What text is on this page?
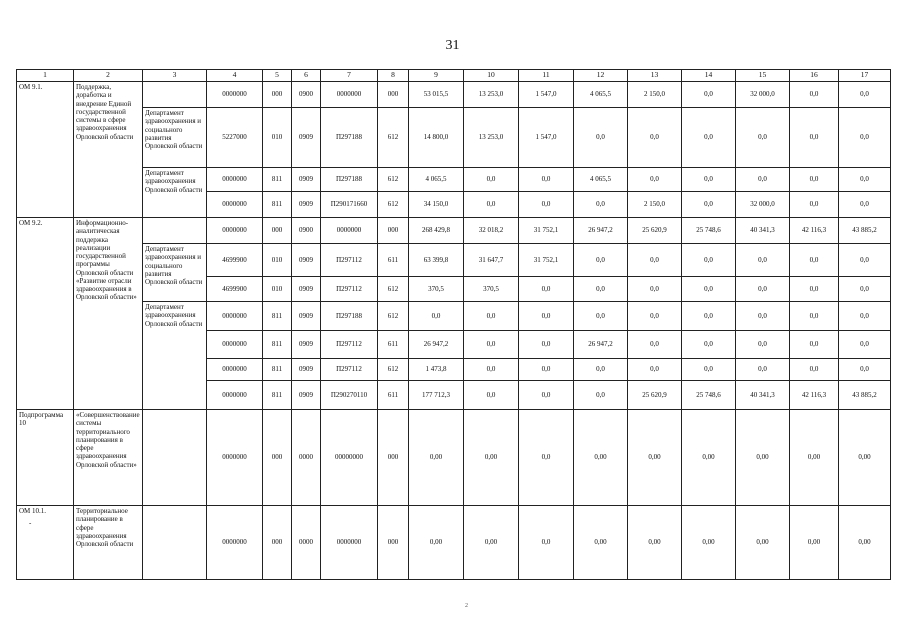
31
1	2	3	4	5	6	7	8	9	10	11	12	13	14	15	16	17

ОМ 9.1.	Поддержка, доработка и внедрение Единой государственной системы в сфере здравоохранения Орловской области		0000000	000	0900	0000000	000	53 015,5	13 253,0	1 547,0	4 065,5	2 150,0	0,0	32 000,0	0,0	0,0
		Департамент здравоохранения и социального развития Орловской области	5227000	010	0909	П297188	612	14 800,0	13 253,0	1 547,0	0,0	0,0	0,0	0,0	0,0	0,0
		Департамент здравоохранения Орловской области	0000000	811	0909	П297188	612	4 065,5	0,0	0,0	4 065,5	0,0	0,0	0,0	0,0	0,0
			0000000	811	0909	П290171660	612	34 150,0	0,0	0,0	0,0	2 150,0	0,0	32 000,0	0,0	0,0

ОМ 9.2.	Информационно-аналитическая поддержка реализации государственной программы Орловской области «Развитие отрасли здравоохранения в Орловской области»		0000000	000	0900	0000000	000	268 429,8	32 018,2	31 752,1	26 947,2	25 620,9	25 748,6	40 341,3	42 116,3	43 885,2
		Департамент здравоохранения и социального развития Орловской области	4699900	010	0909	П297112	611	63 399,8	31 647,7	31 752,1	0,0	0,0	0,0	0,0	0,0	0,0
			4699900	010	0909	П297112	612	370,5	370,5	0,0	0,0	0,0	0,0	0,0	0,0	0,0
		Департамент здравоохранения Орловской области	0000000	811	0909	П297188	612	0,0	0,0	0,0	0,0	0,0	0,0	0,0	0,0	0,0
			0000000	811	0909	П297112	611	26 947,2	0,0	0,0	26 947,2	0,0	0,0	0,0	0,0	0,0
			0000000	811	0909	П297112	612	1 473,8	0,0	0,0	0,0	0,0	0,0	0,0	0,0	0,0
			0000000	811	0909	П290270110	611	177 712,3	0,0	0,0	0,0	25 620,9	25 748,6	40 341,3	42 116,3	43 885,2

Подпрограмма 10	«Совершенствование системы территориального планирования в сфере здравоохранения Орловской области»		0000000	000	0000	00000000	000	0,00	0,00	0,0	0,00	0,00	0,00	0,00	0,00	0,00

ОМ 10.1.
-	Территориальное планирование в сфере здравоохранения Орловской области		0000000	000	0000	0000000	000	0,00	0,00	0,0	0,00	0,00	0,00	0,00	0,00	0,00
2
